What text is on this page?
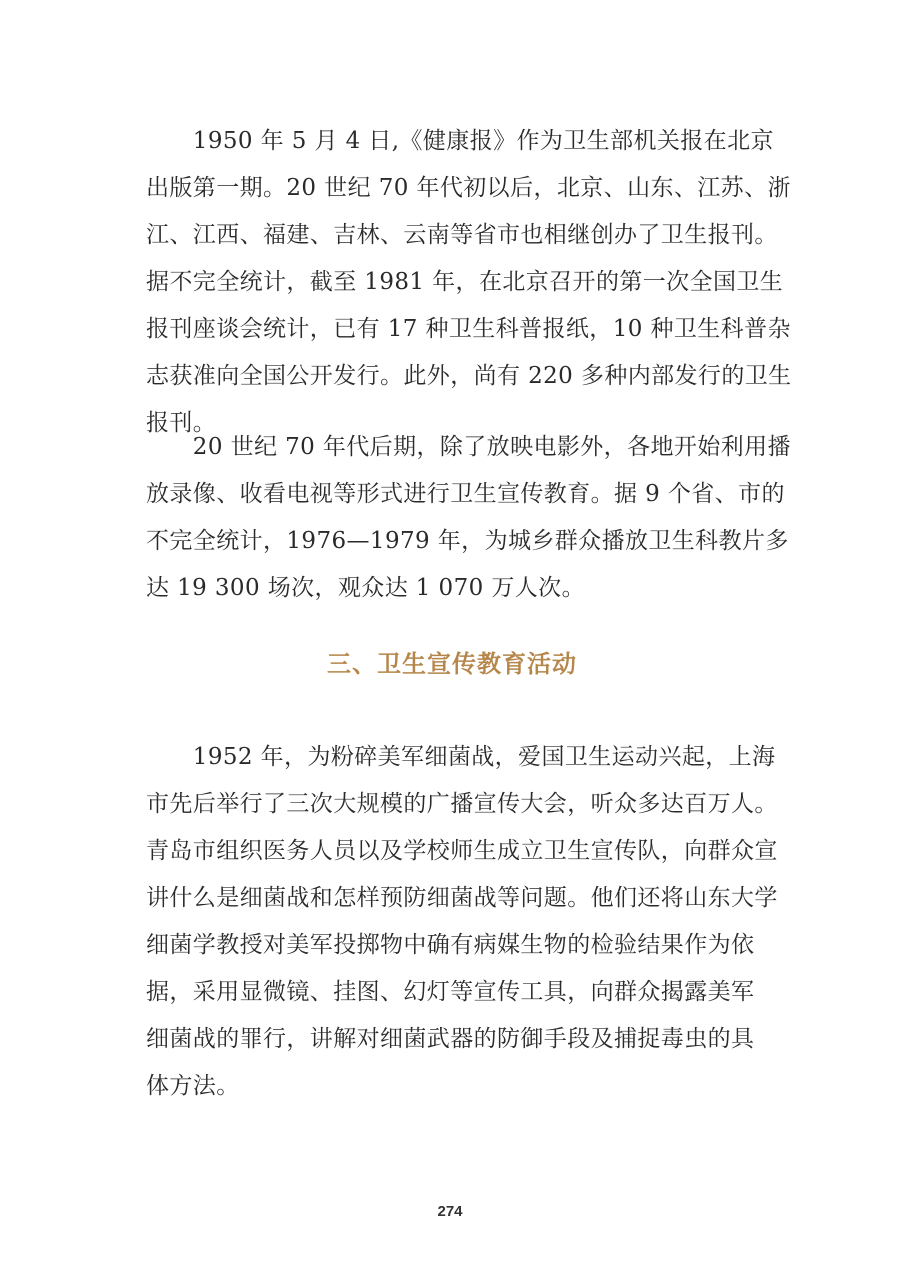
　　1950 年 5 月 4 日,《健康报》作为卫生部机关报在北京
出版第一期。20 世纪 70 年代初以后，北京、山东、江苏、浙
江、江西、福建、吉林、云南等省市也相继创办了卫生报刊。
据不完全统计，截至 1981 年，在北京召开的第一次全国卫生
报刊座谈会统计，已有 17 种卫生科普报纸，10 种卫生科普杂
志获准向全国公开发行。此外，尚有 220 多种内部发行的卫生
报刊。
　　20 世纪 70 年代后期，除了放映电影外，各地开始利用播
放录像、收看电视等形式进行卫生宣传教育。据 9 个省、市的
不完全统计，1976—1979 年，为城乡群众播放卫生科教片多
达 19 300 场次，观众达 1 070 万人次。
三、卫生宣传教育活动
　　1952 年，为粉碎美军细菌战，爱国卫生运动兴起，上海
市先后举行了三次大规模的广播宣传大会，听众多达百万人。
青岛市组织医务人员以及学校师生成立卫生宣传队，向群众宣
讲什么是细菌战和怎样预防细菌战等问题。他们还将山东大学
细菌学教授对美军投掷物中确有病媒生物的检验结果作为依
据，采用显微镜、挂图、幻灯等宣传工具，向群众揭露美军
细菌战的罪行，讲解对细菌武器的防御手段及捕捉毒虫的具
体方法。
274
